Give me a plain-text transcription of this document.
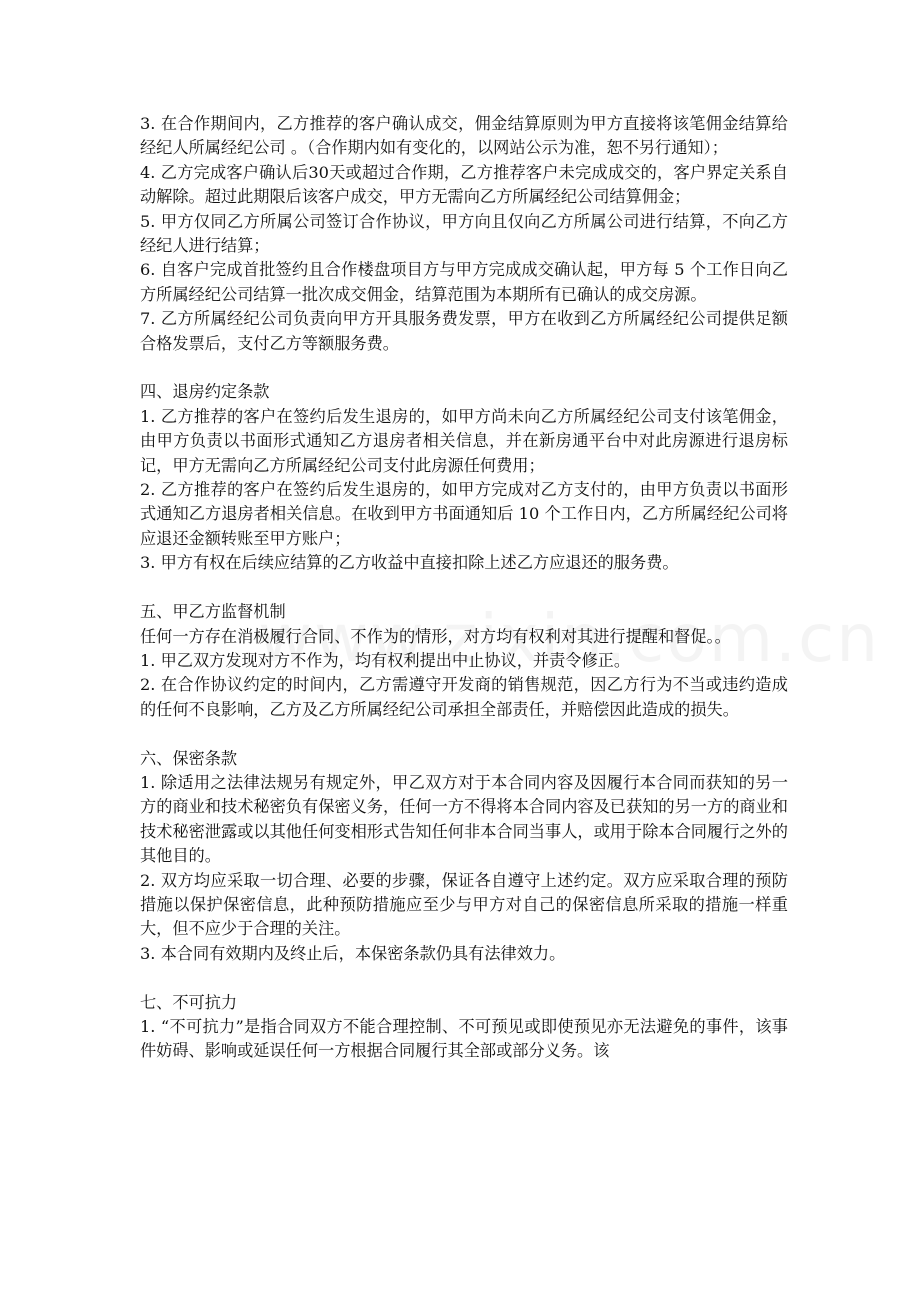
3. 在合作期间内，乙方推荐的客户确认成交，佣金结算原则为甲方直接将该笔佣金结算给经纪人所属经纪公司 。（合作期内如有变化的，以网站公示为准，恕不另行通知）；

4. 乙方完成客户确认后30天或超过合作期，乙方推荐客户未完成成交的，客户界定关系自动解除。超过此期限后该客户成交，甲方无需向乙方所属经纪公司结算佣金；

5. 甲方仅同乙方所属公司签订合作协议，甲方向且仅向乙方所属公司进行结算，不向乙方经纪人进行结算；

6. 自客户完成首批签约且合作楼盘项目方与甲方完成成交确认起，甲方每 5 个工作日向乙方所属经纪公司结算一批次成交佣金，结算范围为本期所有已确认的成交房源。

7. 乙方所属经纪公司负责向甲方开具服务费发票，甲方在收到乙方所属经纪公司提供足额合格发票后，支付乙方等额服务费。

四、退房约定条款

1. 乙方推荐的客户在签约后发生退房的，如甲方尚未向乙方所属经纪公司支付该笔佣金，由甲方负责以书面形式通知乙方退房者相关信息，并在新房通平台中对此房源进行退房标记，甲方无需向乙方所属经纪公司支付此房源任何费用；

2. 乙方推荐的客户在签约后发生退房的，如甲方完成对乙方支付的，由甲方负责以书面形式通知乙方退房者相关信息。在收到甲方书面通知后 10 个工作日内，乙方所属经纪公司将应退还金额转账至甲方账户；

3. 甲方有权在后续应结算的乙方收益中直接扣除上述乙方应退还的服务费。

五、甲乙方监督机制

任何一方存在消极履行合同、不作为的情形，对方均有权利对其进行提醒和督促。。

1. 甲乙双方发现对方不作为，均有权利提出中止协议，并责令修正。

2. 在合作协议约定的时间内，乙方需遵守开发商的销售规范，因乙方行为不当或违约造成的任何不良影响，乙方及乙方所属经纪公司承担全部责任，并赔偿因此造成的损失。

六、保密条款

1. 除适用之法律法规另有规定外，甲乙双方对于本合同内容及因履行本合同而获知的另一方的商业和技术秘密负有保密义务，任何一方不得将本合同内容及已获知的另一方的商业和技术秘密泄露或以其他任何变相形式告知任何非本合同当事人，或用于除本合同履行之外的其他目的。

2. 双方均应采取一切合理、必要的步骤，保证各自遵守上述约定。双方应采取合理的预防措施以保护保密信息，此种预防措施应至少与甲方对自己的保密信息所采取的措施一样重大，但不应少于合理的关注。

3. 本合同有效期内及终止后，本保密条款仍具有法律效力。

七、不可抗力

1. “不可抗力”是指合同双方不能合理控制、不可预见或即使预见亦无法避免的事件，该事件妨碍、影响或延误任何一方根据合同履行其全部或部分义务。该
